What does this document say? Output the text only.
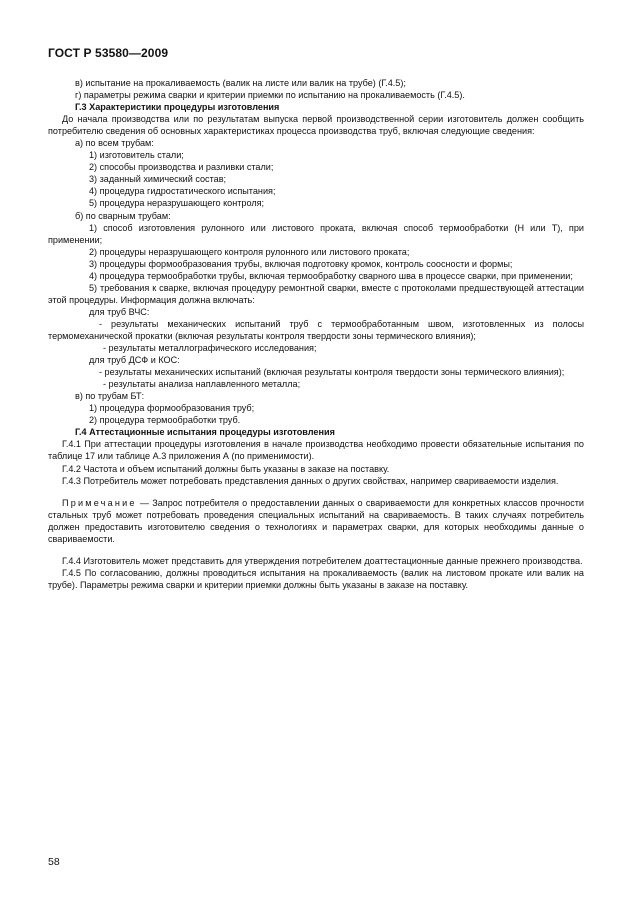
ГОСТ Р 53580—2009

в) испытание на прокаливаемость (валик на листе или валик на трубе) (Г.4.5);

г) параметры режима сварки и критерии приемки по испытанию на прокаливаемость (Г.4.5).

Г.3 Характеристики процедуры изготовления

До начала производства или по результатам выпуска первой производственной серии изготовитель должен сообщить потребителю сведения об основных характеристиках процесса производства труб, включая следующие сведения:

а) по всем трубам:

1) изготовитель стали;

2) способы производства и разливки стали;

3) заданный химический состав;

4) процедура гидростатического испытания;

5) процедура неразрушающего контроля;

б) по сварным трубам:

1) способ изготовления рулонного или листового проката, включая способ термообработки (Н или Т), при применении;

2) процедуры неразрушающего контроля рулонного или листового проката;

3) процедуры формообразования трубы, включая подготовку кромок, контроль соосности и формы;

4) процедура термообработки трубы, включая термообработку сварного шва в процессе сварки, при применении;

5) требования к сварке, включая процедуру ремонтной сварки, вместе с протоколами предшествующей аттестации этой процедуры. Информация должна включать:

для труб ВЧС:

- результаты механических испытаний труб с термообработанным швом, изготовленных из полосы термомеханической прокатки (включая результаты контроля твердости зоны термического влияния);

- результаты металлографического исследования;

для труб ДСФ и КОС:

- результаты механических испытаний (включая результаты контроля твердости зоны термического влияния);

- результаты анализа наплавленного металла;

в) по трубам БТ:

1) процедура формообразования труб;

2) процедура термообработки труб.

Г.4 Аттестационные испытания процедуры изготовления

Г.4.1 При аттестации процедуры изготовления в начале производства необходимо провести обязательные испытания по таблице 17 или таблице А.3 приложения А (по применимости).

Г.4.2 Частота и объем испытаний должны быть указаны в заказе на поставку.

Г.4.3 Потребитель может потребовать представления данных о других свойствах, например свариваемости изделия.

Примечание — Запрос потребителя о предоставлении данных о свариваемости для конкретных классов прочности стальных труб может потребовать проведения специальных испытаний на свариваемость. В таких случаях потребитель должен предоставить изготовителю сведения о технологиях и параметрах сварки, для которых необходимы данные о свариваемости.

Г.4.4 Изготовитель может представить для утверждения потребителем доаттестационные данные прежнего производства.

Г.4.5 По согласованию, должны проводиться испытания на прокаливаемость (валик на листовом прокате или валик на трубе). Параметры режима сварки и критерии приемки должны быть указаны в заказе на поставку.

58
